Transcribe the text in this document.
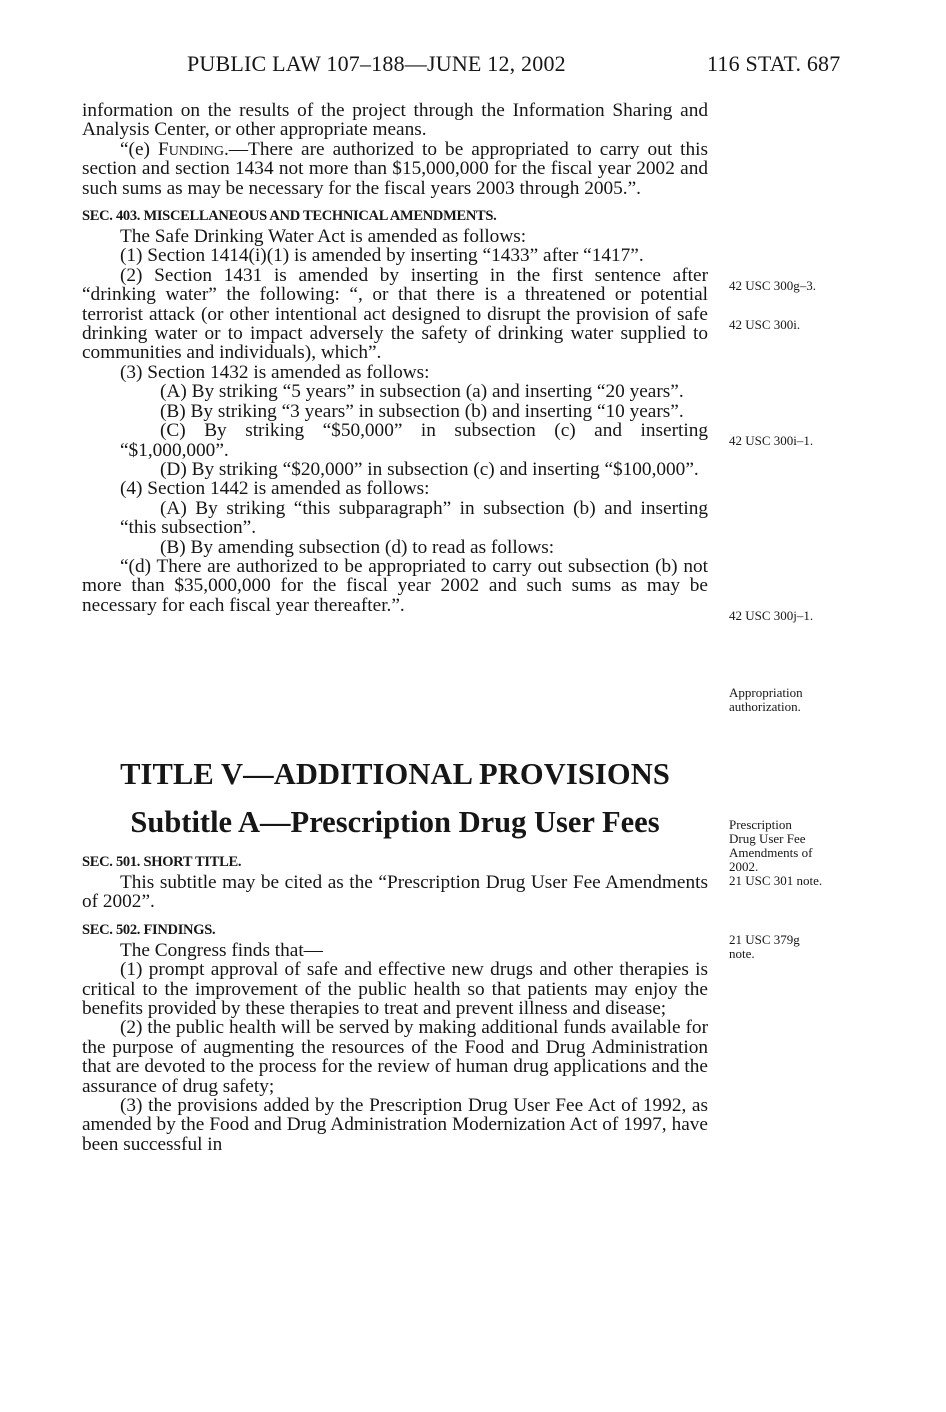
PUBLIC LAW 107–188—JUNE 12, 2002	116 STAT. 687

information on the results of the project through the Information Sharing and Analysis Center, or other appropriate means.

“(e) Funding.—There are authorized to be appropriated to carry out this section and section 1434 not more than $15,000,000 for the fiscal year 2002 and such sums as may be necessary for the fiscal years 2003 through 2005.”.

SEC. 403. MISCELLANEOUS AND TECHNICAL AMENDMENTS.

The Safe Drinking Water Act is amended as follows:

(1) Section 1414(i)(1) is amended by inserting “1433” after “1417”.

(2) Section 1431 is amended by inserting in the first sentence after “drinking water” the following: “, or that there is a threatened or potential terrorist attack (or other intentional act designed to disrupt the provision of safe drinking water or to impact adversely the safety of drinking water supplied to communities and individuals), which”.

(3) Section 1432 is amended as follows:

(A) By striking “5 years” in subsection (a) and inserting “20 years”.

(B) By striking “3 years” in subsection (b) and inserting “10 years”.

(C) By striking “$50,000” in subsection (c) and inserting “$1,000,000”.

(D) By striking “$20,000” in subsection (c) and inserting “$100,000”.

(4) Section 1442 is amended as follows:

(A) By striking “this subparagraph” in subsection (b) and inserting “this subsection”.

(B) By amending subsection (d) to read as follows:

“(d) There are authorized to be appropriated to carry out subsection (b) not more than $35,000,000 for the fiscal year 2002 and such sums as may be necessary for each fiscal year thereafter.”.

TITLE V—ADDITIONAL PROVISIONS
Subtitle A—Prescription Drug User Fees

SEC. 501. SHORT TITLE.

This subtitle may be cited as the “Prescription Drug User Fee Amendments of 2002”.

SEC. 502. FINDINGS.

The Congress finds that—

(1) prompt approval of safe and effective new drugs and other therapies is critical to the improvement of the public health so that patients may enjoy the benefits provided by these therapies to treat and prevent illness and disease;

(2) the public health will be served by making additional funds available for the purpose of augmenting the resources of the Food and Drug Administration that are devoted to the process for the review of human drug applications and the assurance of drug safety;

(3) the provisions added by the Prescription Drug User Fee Act of 1992, as amended by the Food and Drug Administration Modernization Act of 1997, have been successful in

42 USC 300g–3.
42 USC 300i.
42 USC 300i–1.
42 USC 300j–1.
Appropriation
authorization.
Prescription
Drug User Fee
Amendments of
2002.
21 USC 301 note.
21 USC 379g
note.
